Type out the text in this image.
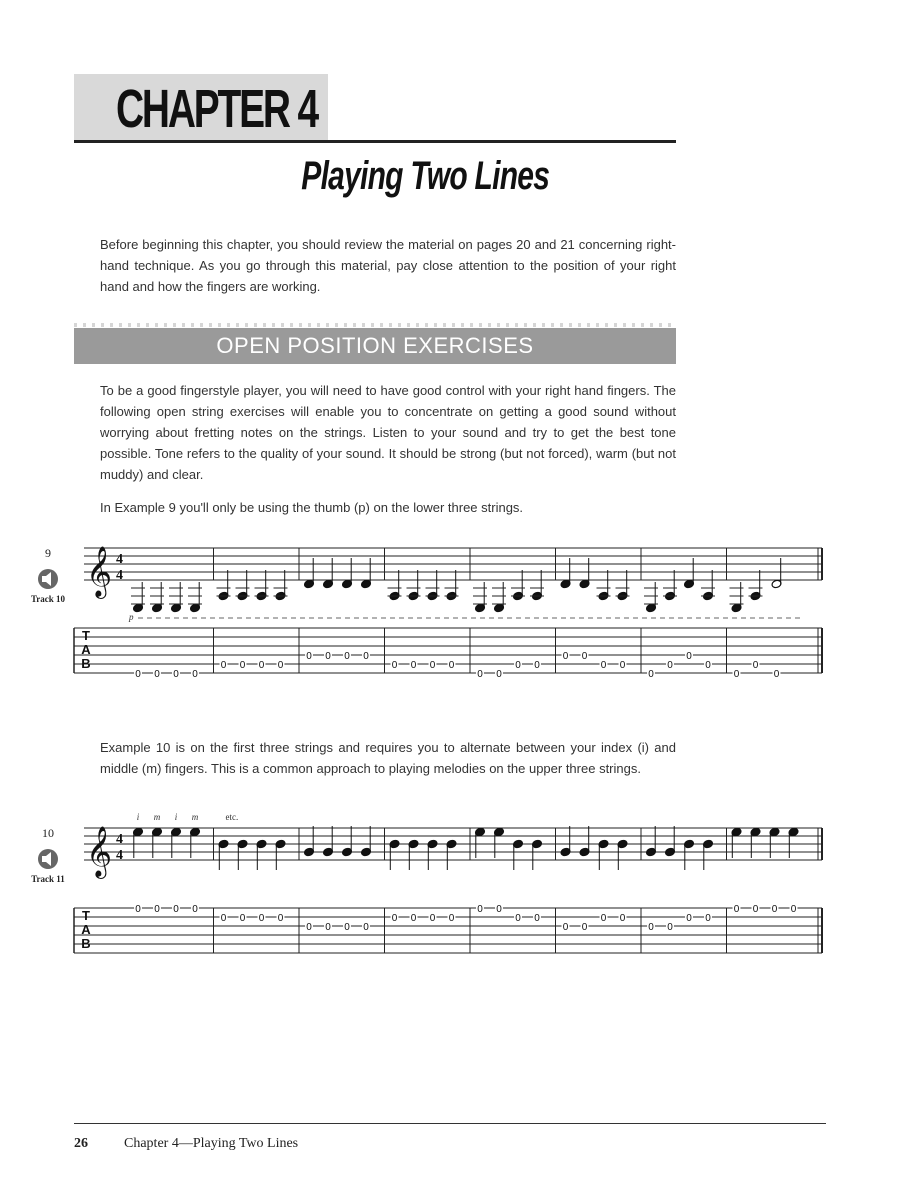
CHAPTER 4
Playing Two Lines
Before beginning this chapter, you should review the material on pages 20 and 21 concerning right-hand technique. As you go through this material, pay close attention to the position of your right hand and how the fingers are working.
OPEN POSITION EXERCISES
To be a good fingerstyle player, you will need to have good control with your right hand fingers. The following open string exercises will enable you to concentrate on getting a good sound without worrying about fretting notes on the strings. Listen to your sound and try to get the best tone possible. Tone refers to the quality of your sound. It should be strong (but not forced), warm (but not muddy) and clear.
In Example 9 you'll only be using the thumb (p) on the lower three strings.
9
Track 10
𝄞 4
4
T
A
B
0 0 0 0
0 0 0 0
0 0 0 0
0 0 0 0
0 0
0 0
0 0
0 0
0
0
0
0
0
0
0
p
Example 10 is on the first three strings and requires you to alternate between your index (i) and middle (m) fingers. This is a common approach to playing melodies on the upper three strings.
10
Track 11
𝄞 4
4
T
A
B
0 0 0 0
0 0 0 0
0 0 0 0
0 0 0 0
0 0
0 0
0 0
0 0
0 0
0 0
0 0 0 0
i m i m	etc.
26	Chapter 4—Playing Two Lines
